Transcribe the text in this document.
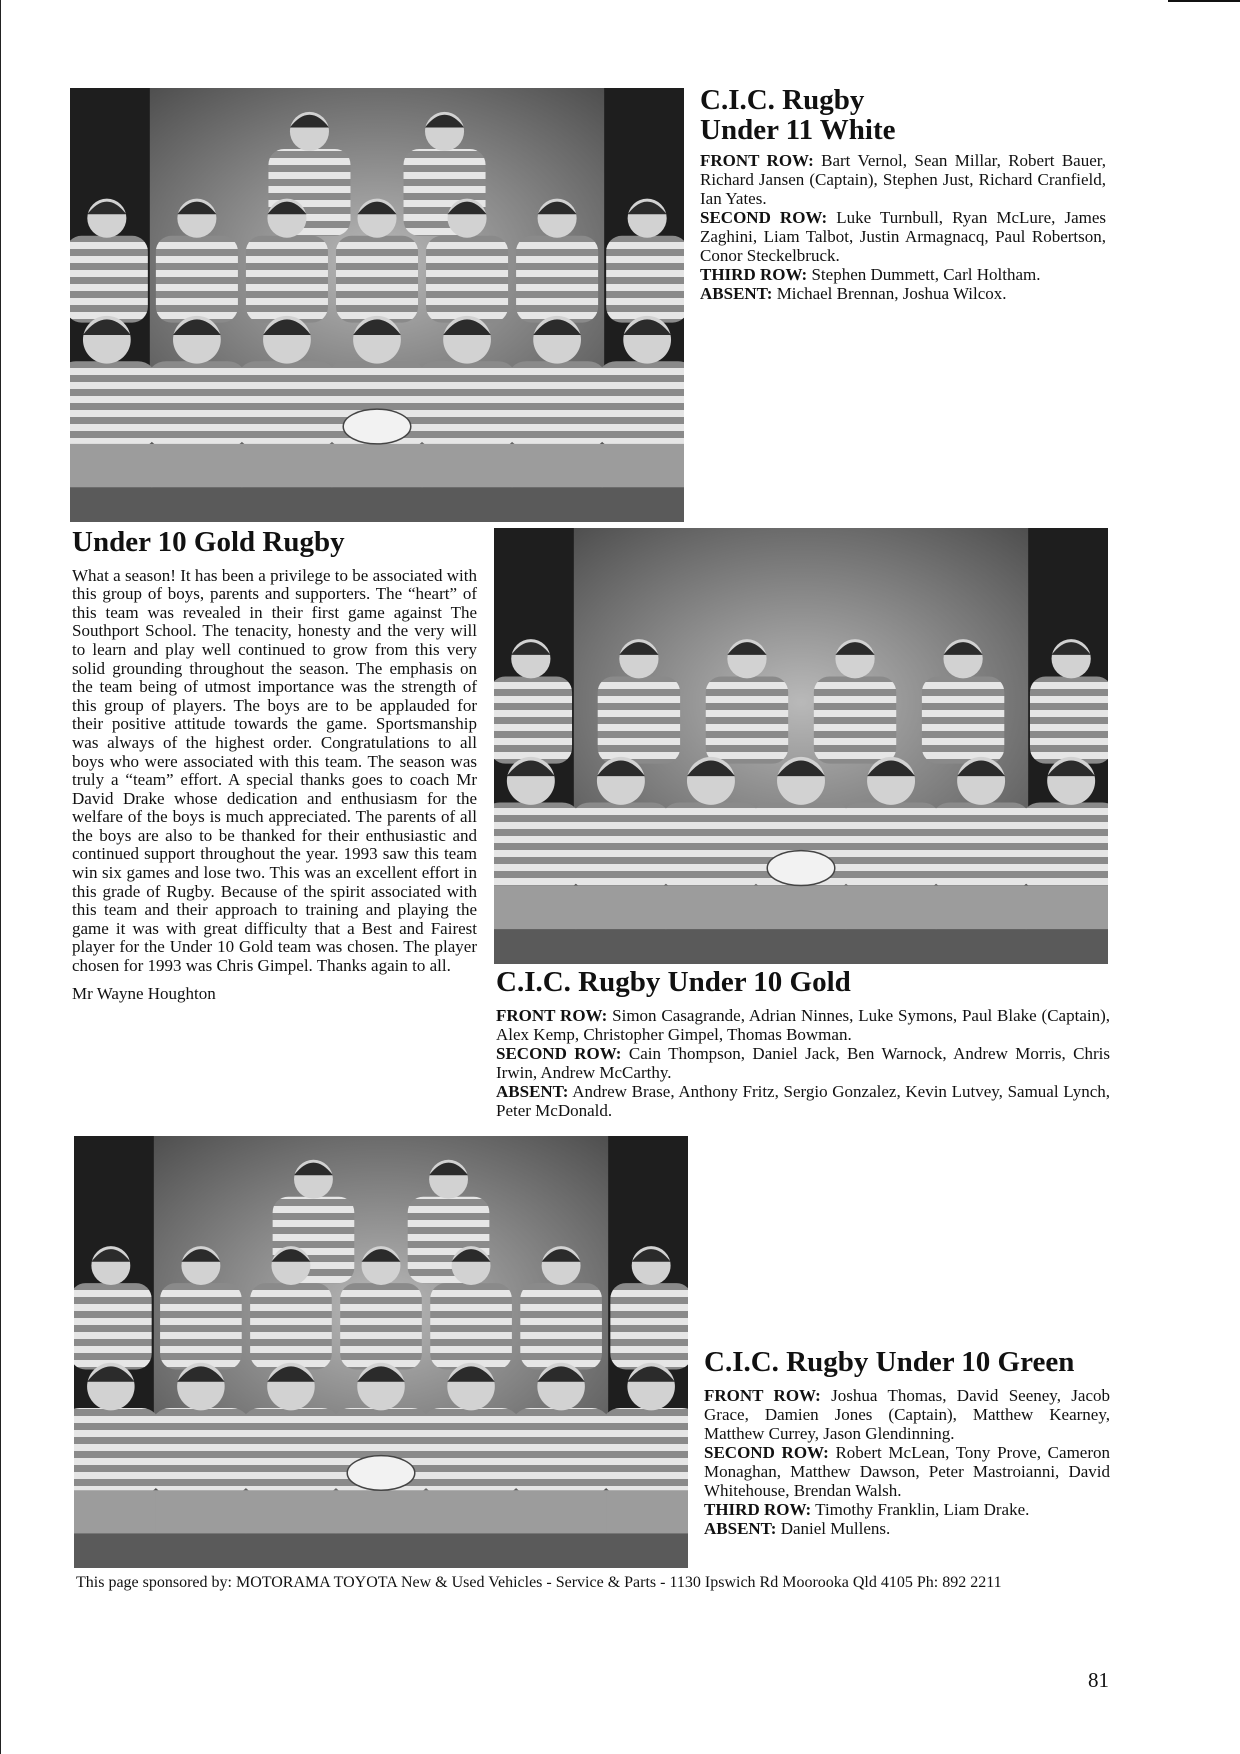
C.I.C. Rugby
Under 11 White

FRONT ROW: Bart Vernol, Sean Millar, Robert Bauer, Richard Jansen (Captain), Stephen Just, Richard Cranfield, Ian Yates.
SECOND ROW: Luke Turnbull, Ryan McLure, James Zaghini, Liam Talbot, Justin Armagnacq, Paul Robertson, Conor Steckelbruck.
THIRD ROW: Stephen Dummett, Carl Holtham.
ABSENT: Michael Brennan, Joshua Wilcox.

Under 10 Gold Rugby

What a season! It has been a privilege to be associated with this group of boys, parents and supporters. The “heart” of this team was revealed in their first game against The Southport School. The tenacity, honesty and the very will to learn and play well continued to grow from this very solid grounding throughout the season. The emphasis on the team being of utmost importance was the strength of this group of players. The boys are to be applauded for their positive attitude towards the game. Sportsmanship was always of the highest order. Congratulations to all boys who were associated with this team. The season was truly a “team” effort. A special thanks goes to coach Mr David Drake whose dedication and enthusiasm for the welfare of the boys is much appreciated. The parents of all the boys are also to be thanked for their enthusiastic and continued support throughout the year. 1993 saw this team win six games and lose two. This was an excellent effort in this grade of Rugby. Because of the spirit associated with this team and their approach to training and playing the game it was with great difficulty that a Best and Fairest player for the Under 10 Gold team was chosen. The player chosen for 1993 was Chris Gimpel. Thanks again to all.

Mr Wayne Houghton	C.I.C. Rugby Under 10 Gold

FRONT ROW: Simon Casagrande, Adrian Ninnes, Luke Symons, Paul Blake (Captain), Alex Kemp, Christopher Gimpel, Thomas Bowman.
SECOND ROW: Cain Thompson, Daniel Jack, Ben Warnock, Andrew Morris, Chris Irwin, Andrew McCarthy.
ABSENT: Andrew Brase, Anthony Fritz, Sergio Gonzalez, Kevin Lutvey, Samual Lynch, Peter McDonald.

C.I.C. Rugby Under 10 Green

FRONT ROW: Joshua Thomas, David Seeney, Jacob Grace, Damien Jones (Captain), Matthew Kearney, Matthew Currey, Jason Glendinning.
SECOND ROW: Robert McLean, Tony Prove, Cameron Monaghan, Matthew Dawson, Peter Mastroianni, David Whitehouse, Brendan Walsh.
THIRD ROW: Timothy Franklin, Liam Drake.
ABSENT: Daniel Mullens.

This page sponsored by: MOTORAMA TOYOTA New & Used Vehicles - Service & Parts - 1130 Ipswich Rd Moorooka Qld 4105 Ph: 892 2211
81
